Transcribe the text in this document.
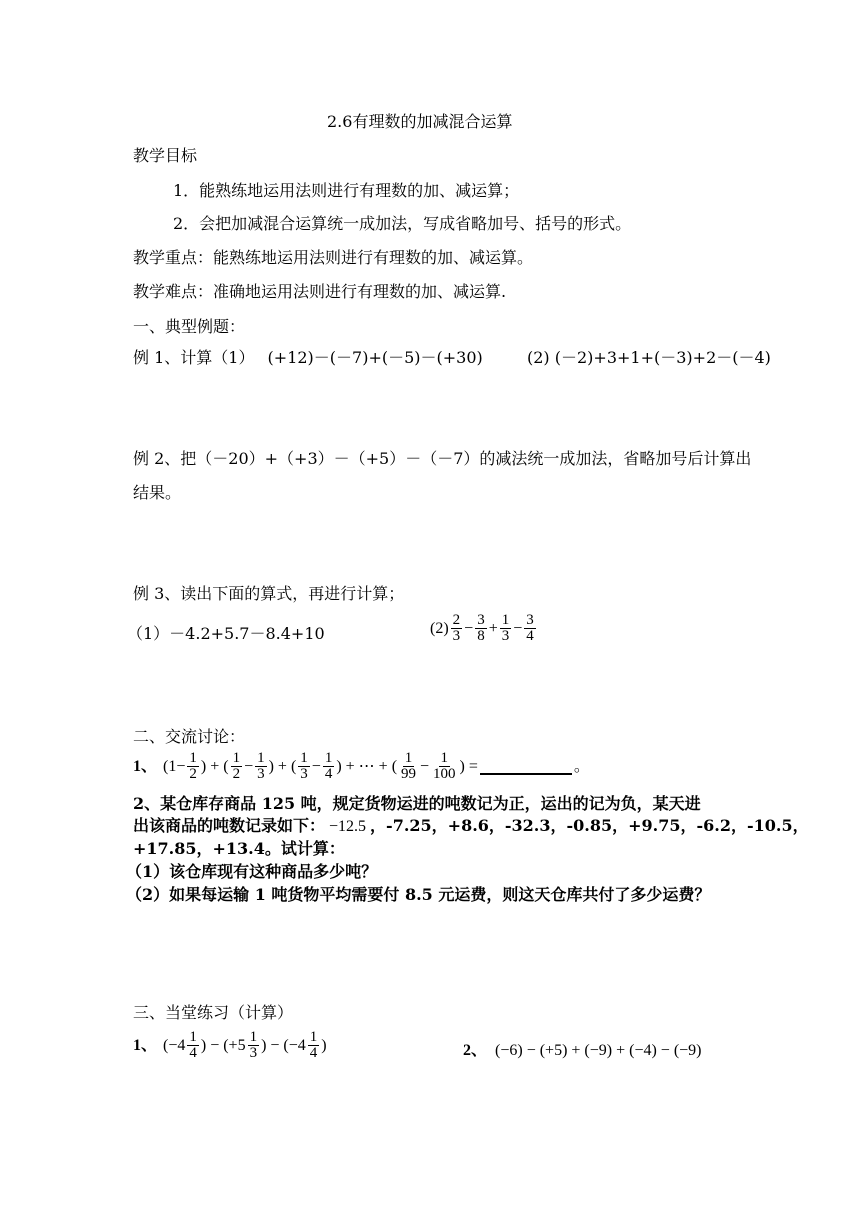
2.6有理数的加减混合运算
教学目标
1．能熟练地运用法则进行有理数的加、减运算；
2．会把加减混合运算统一成加法，写成省略加号、括号的形式。
教学重点：能熟练地运用法则进行有理数的加、减运算。
教学难点：准确地运用法则进行有理数的加、减运算.
一、典型例题：
例 1、计算（1） (+12)－(－7)+(－5)－(+30)	(2) (－2)+3+1+(－3)+2－(－4)
例 2、把（－20）+（+3）－（+5）－（－7）的减法统一成加法，省略加号后计算出
结果。
例 3、读出下面的算式，再进行计算；
（1）－4.2+5.7－8.4+10	$(2) \frac{2}{3} - \frac{3}{8} + \frac{1}{3} - \frac{3}{4}$
二、交流讨论：
1、 ($1- \frac{1}{2}$ ) + ( $\frac{1}{2} - \frac{1}{3}$ ) + ( $\frac{1}{3} - \frac{1}{4}$ ) + ⋯ + ( $\frac{1}{99} - \frac{1}{100}$ ) =	。
2、某仓库存商品 125 吨，规定货物运进的吨数记为正，运出的记为负，某天进
出该商品的吨数记录如下： −12.5 ，-7.25，+8.6，-32.3，-0.85，+9.75，-6.2，-10.5，
+17.85，+13.4。试计算：
（1）该仓库现有这种商品多少吨？
（2）如果每运输 1 吨货物平均需要付 8.5 元运费，则这天仓库共付了多少运费？
三、当堂练习（计算）
1、 ($-4 \frac{1}{4}$ ) − ($+5 \frac{1}{3}$ ) − ($-4 \frac{1}{4}$ )	2、 (−6) − (+5) + (−9) + (−4) − (−9)
